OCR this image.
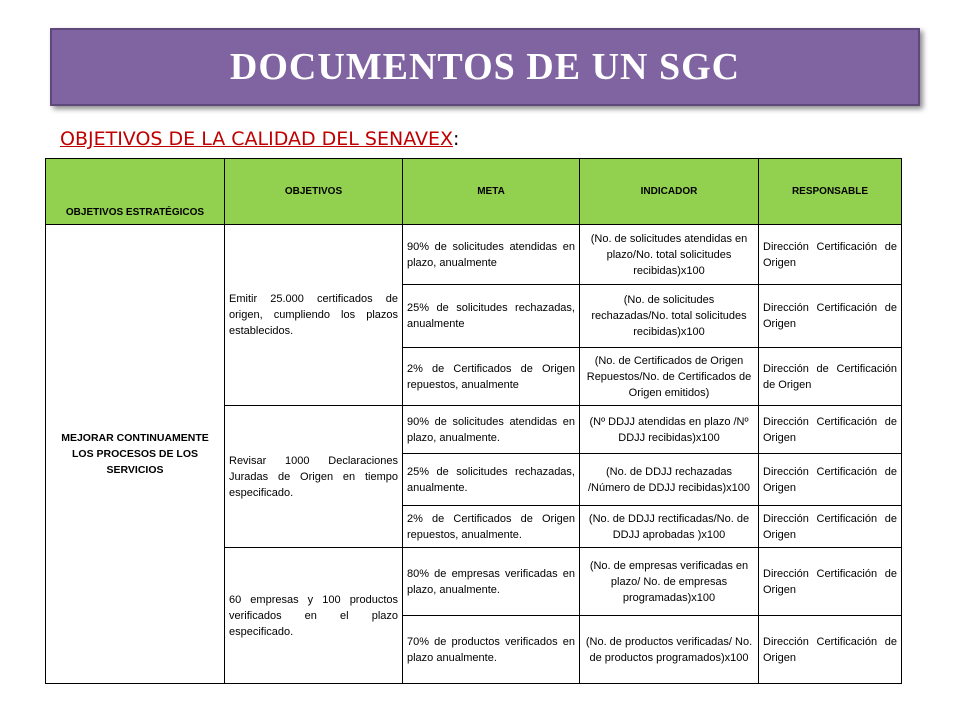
DOCUMENTOS DE UN SGC
OBJETIVOS DE LA CALIDAD DEL SENAVEX:
OBJETIVOS ESTRATÉGICOS	OBJETIVOS	META	INDICADOR	RESPONSABLE
MEJORAR CONTINUAMENTE LOS PROCESOS DE LOS SERVICIOS	Emitir 25.000 certificados de origen, cumpliendo los plazos establecidos.	90% de solicitudes atendidas en plazo, anualmente	(No. de solicitudes atendidas en plazo/No. total solicitudes recibidas)x100	Dirección Certificación de Origen
		25% de solicitudes rechazadas, anualmente	(No. de solicitudes rechazadas/No. total solicitudes recibidas)x100	Dirección Certificación de Origen
		2% de Certificados de Origen repuestos, anualmente	(No. de Certificados de Origen Repuestos/No. de Certificados de Origen emitidos)	Dirección de Certificación de Origen
	Revisar 1000 Declaraciones Juradas de Origen en tiempo especificado.	90% de solicitudes atendidas en plazo, anualmente.	(Nº DDJJ atendidas en plazo /Nº DDJJ recibidas)x100	Dirección Certificación de Origen
		25% de solicitudes rechazadas, anualmente.	(No. de DDJJ rechazadas /Número de DDJJ recibidas)x100	Dirección Certificación de Origen
		2% de Certificados de Origen repuestos, anualmente.	(No. de DDJJ rectificadas/No. de DDJJ aprobadas )x100	Dirección Certificación de Origen
	60 empresas y 100 productos verificados en el plazo especificado.	80% de empresas verificadas en plazo, anualmente.	(No. de empresas verificadas en plazo/ No. de empresas programadas)x100	Dirección Certificación de Origen
		70% de productos verificados en plazo anualmente.	(No. de productos verificadas/ No. de productos programados)x100	Dirección Certificación de Origen
